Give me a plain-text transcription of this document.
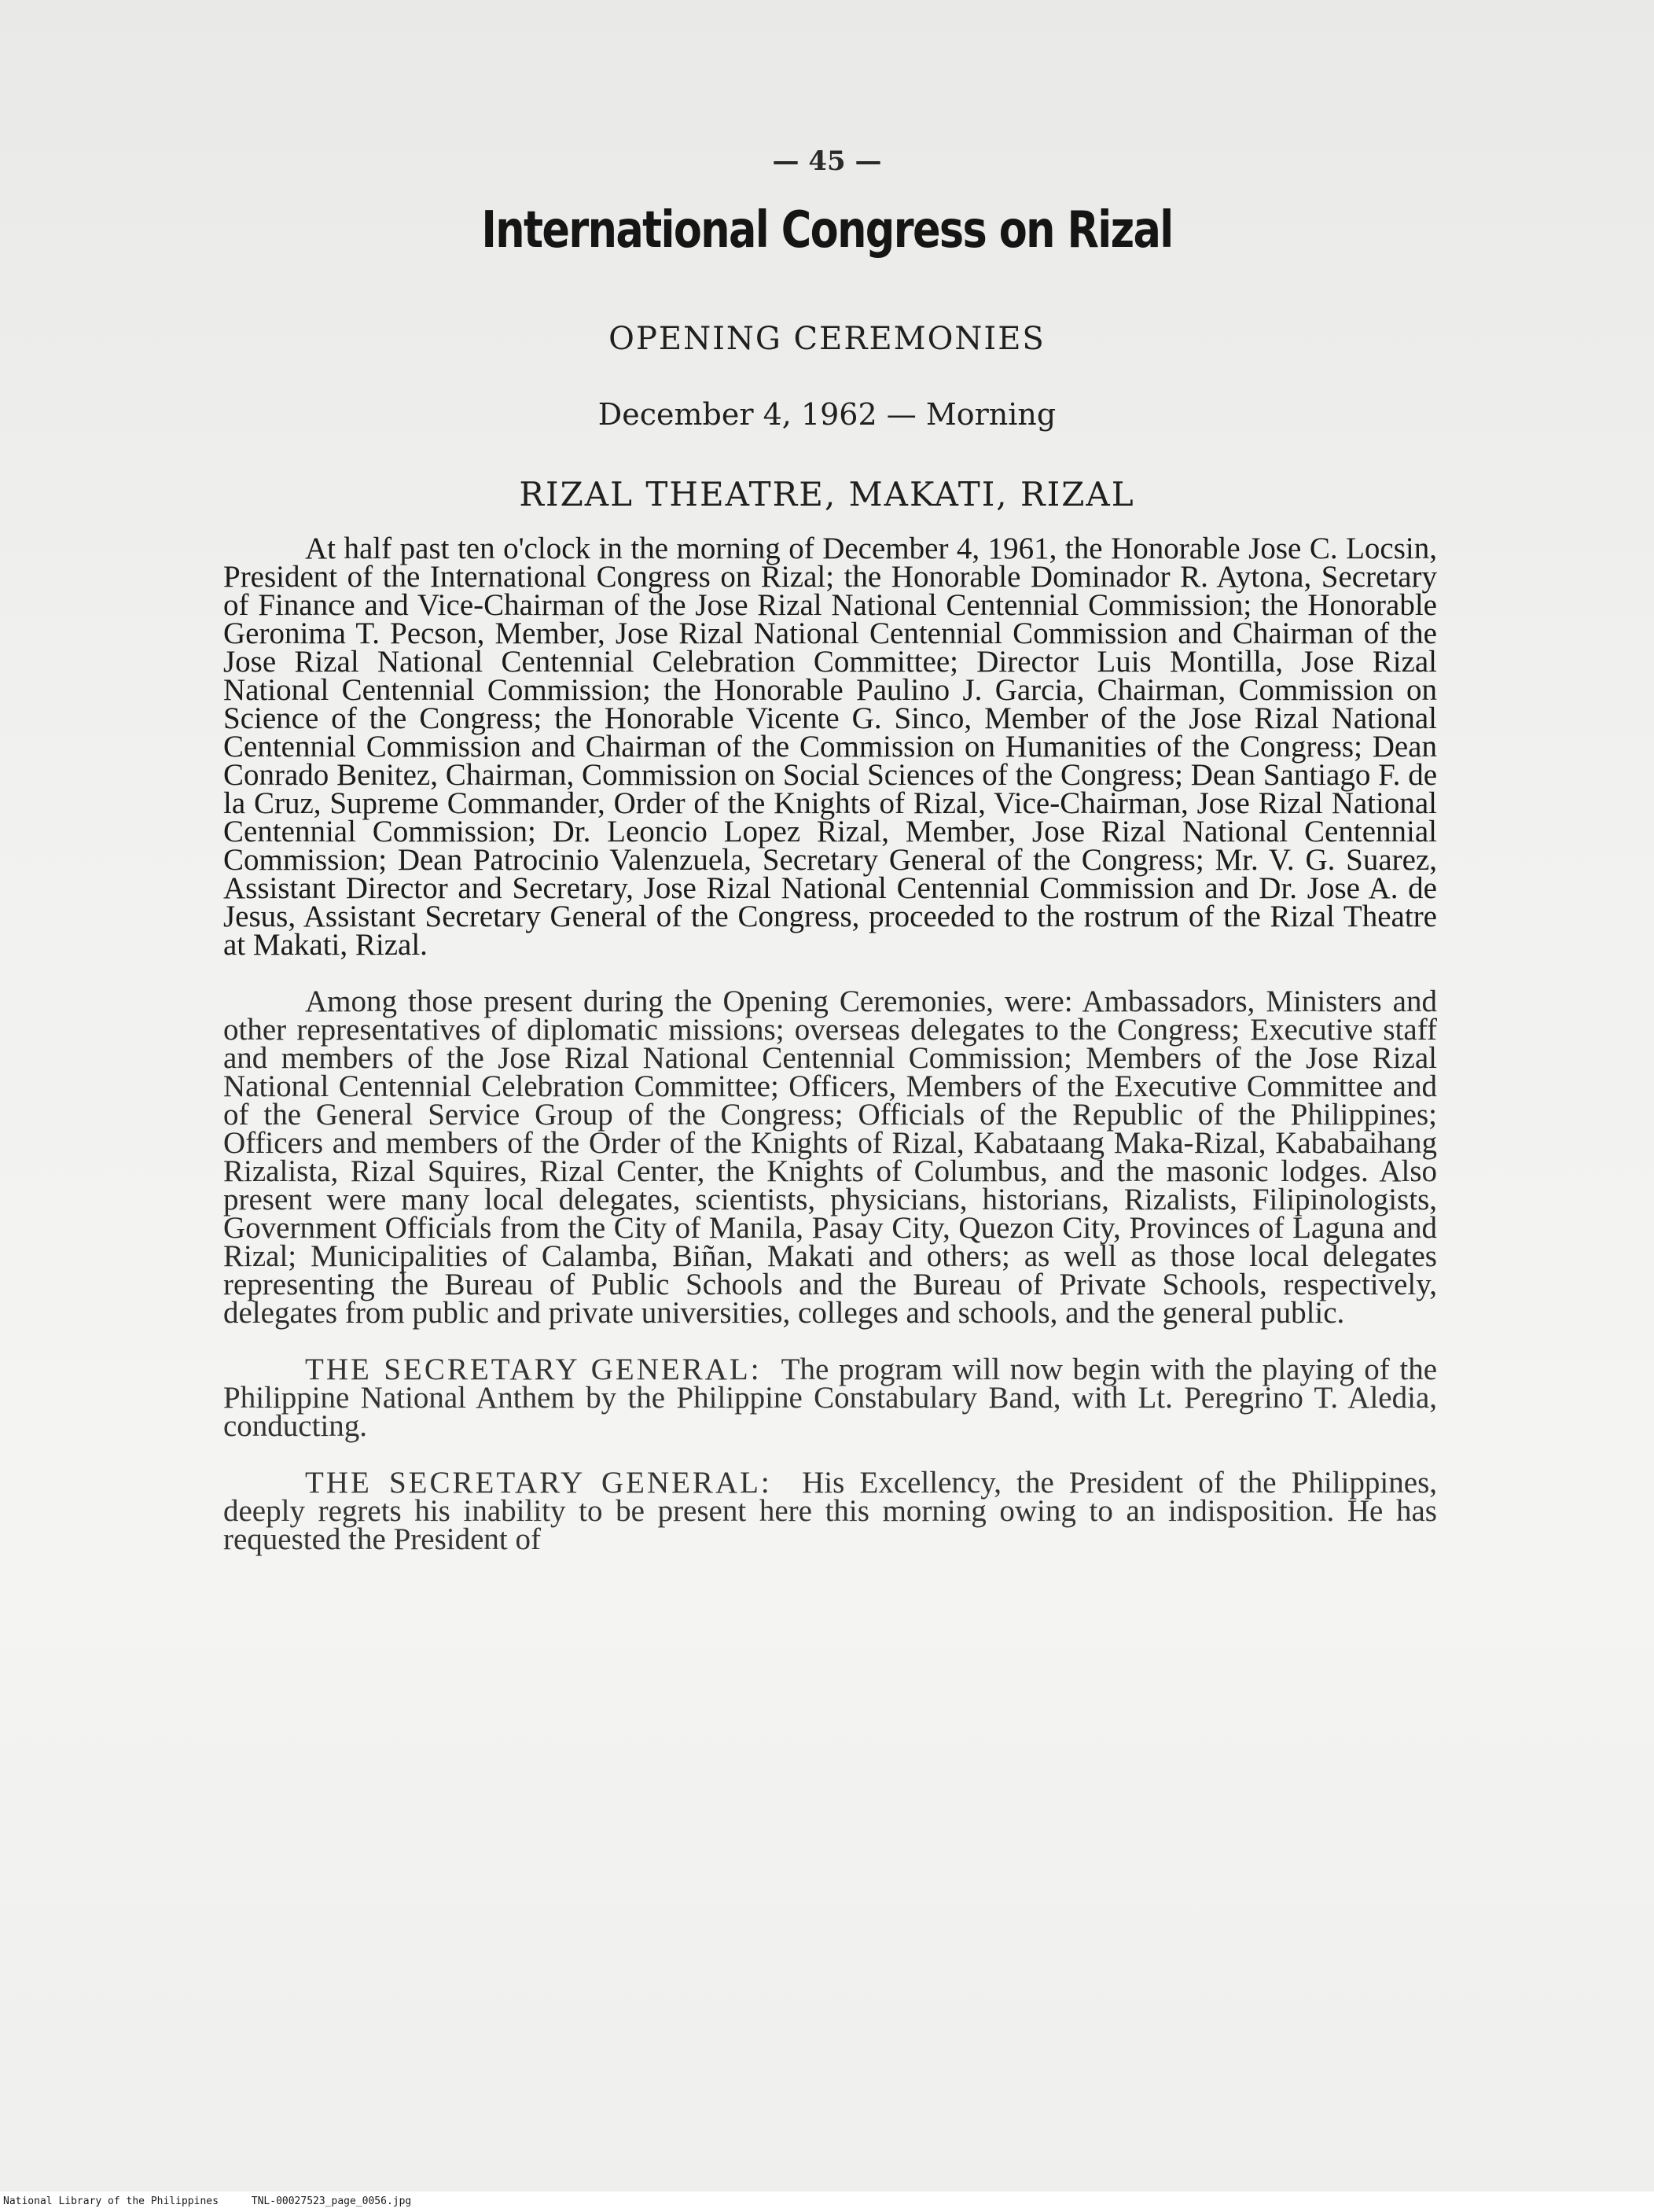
— 45 —
International Congress on Rizal
OPENING CEREMONIES
December 4, 1962 — Morning
RIZAL THEATRE, MAKATI, RIZAL

At half past ten o'clock in the morning of December 4, 1961, the Honorable Jose C. Locsin, President of the International Congress on Rizal; the Honorable Dominador R. Aytona, Secretary of Finance and Vice-Chairman of the Jose Rizal National Centennial Commission; the Honorable Geronima T. Pecson, Member, Jose Rizal National Centennial Commission and Chairman of the Jose Rizal National Centennial Celebration Committee; Director Luis Montilla, Jose Rizal National Centennial Commission; the Honorable Paulino J. Garcia, Chairman, Commission on Science of the Congress; the Honorable Vicente G. Sinco, Member of the Jose Rizal National Centennial Commission and Chairman of the Commission on Humanities of the Congress; Dean Conrado Benitez, Chairman, Commission on Social Sciences of the Congress; Dean Santiago F. de la Cruz, Supreme Commander, Order of the Knights of Rizal, Vice-Chairman, Jose Rizal National Centennial Commission; Dr. Leoncio Lopez Rizal, Member, Jose Rizal National Centennial Commission; Dean Patrocinio Valenzuela, Secretary General of the Congress; Mr. V. G. Suarez, Assistant Director and Secretary, Jose Rizal National Centennial Commission and Dr. Jose A. de Jesus, Assistant Secretary General of the Congress, proceeded to the rostrum of the Rizal Theatre at Makati, Rizal.

Among those present during the Opening Ceremonies, were: Ambassadors, Ministers and other representatives of diplomatic missions; overseas delegates to the Congress; Executive staff and members of the Jose Rizal National Centennial Commission; Members of the Jose Rizal National Centennial Celebration Committee; Officers, Members of the Executive Committee and of the General Service Group of the Congress; Officials of the Republic of the Philippines; Officers and members of the Order of the Knights of Rizal, Kabataang Maka-Rizal, Kababaihang Rizalista, Rizal Squires, Rizal Center, the Knights of Columbus, and the masonic lodges. Also present were many local delegates, scientists, physicians, historians, Rizalists, Filipinologists, Government Officials from the City of Manila, Pasay City, Quezon City, Provinces of Laguna and Rizal; Municipalities of Calamba, Biñan, Makati and others; as well as those local delegates representing the Bureau of Public Schools and the Bureau of Private Schools, respectively, delegates from public and private universities, colleges and schools, and the general public.

THE SECRETARY GENERAL: The program will now begin with the playing of the Philippine National Anthem by the Philippine Constabulary Band, with Lt. Peregrino T. Aledia, conducting.

THE SECRETARY GENERAL: His Excellency, the President of the Philippines, deeply regrets his inability to be present here this morning owing to an indisposition. He has requested the President of

National Library of the Philippines	TNL-00027523_page_0056.jpg
